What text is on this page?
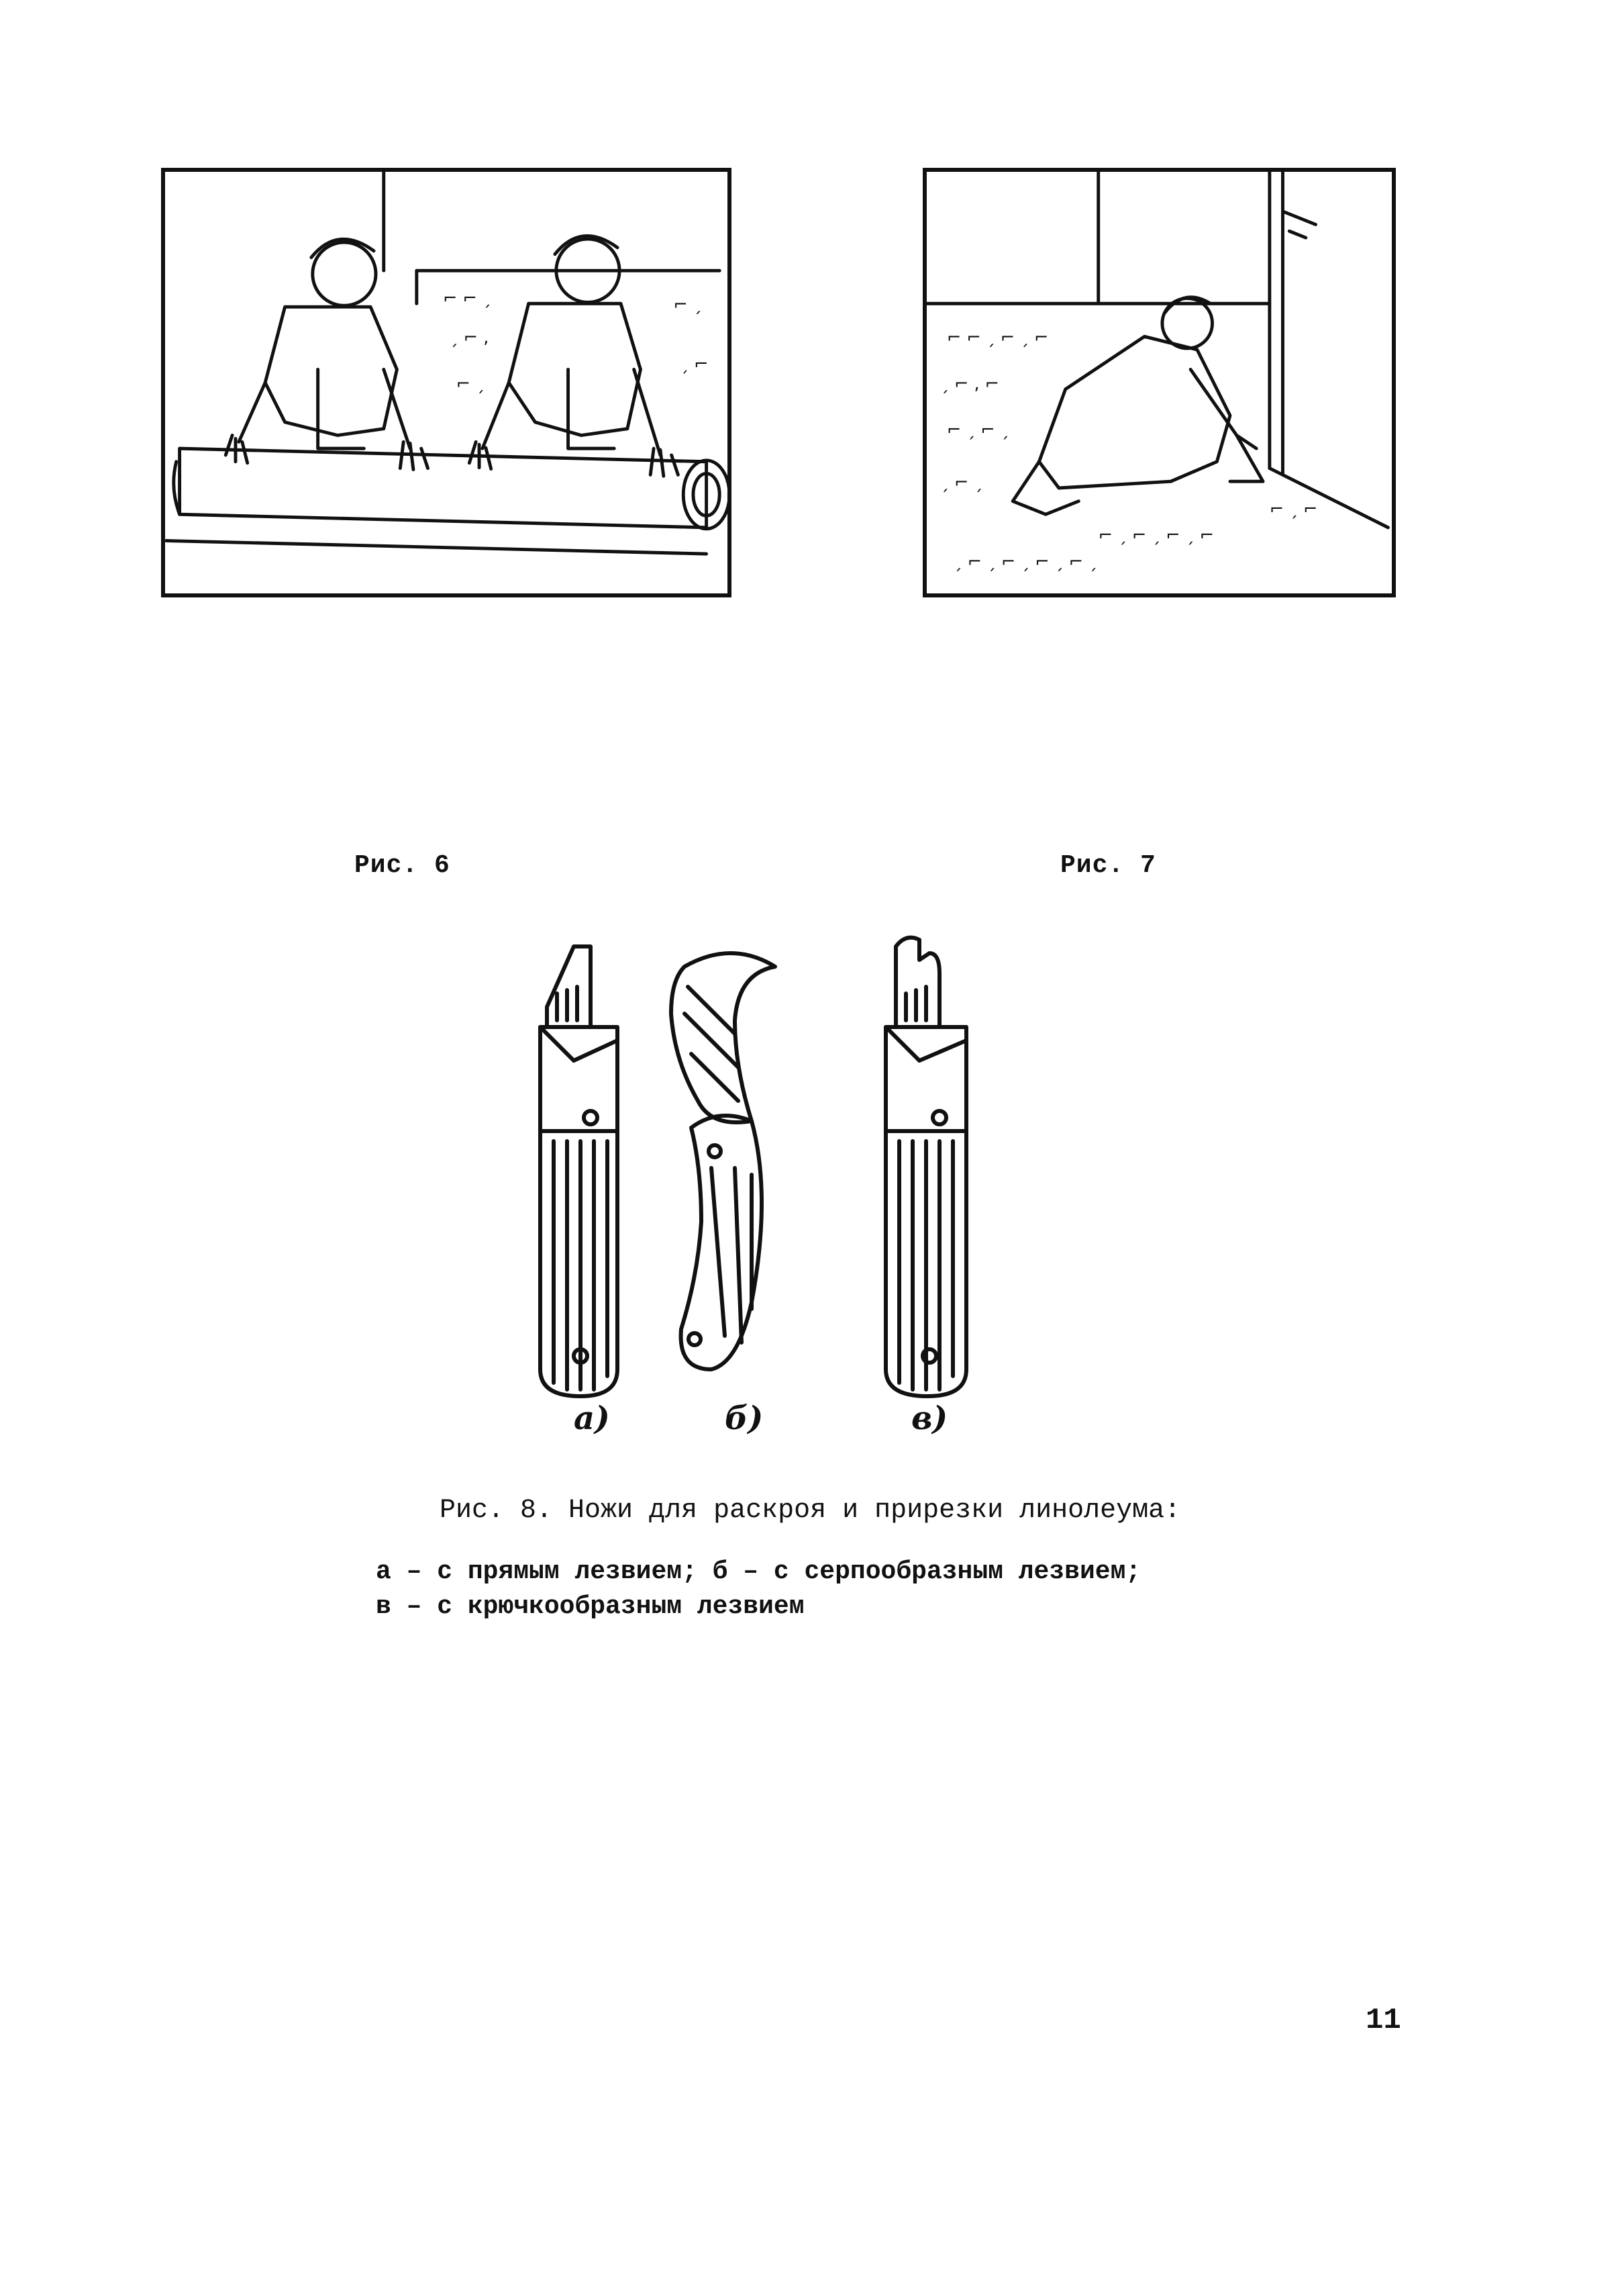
⌐ ⌐ ˏ
ˏ ⌐ ,
⌐ ˏ
ˏ ⌐
⌐ ˏ
⌐ ⌐ ˏ ⌐ ˏ ⌐
ˏ ⌐ , ⌐
⌐ ˏ ⌐ ˏ
ˏ ⌐ ˏ
⌐ ˏ ⌐ ˏ ⌐ ˏ ⌐
ˏ ⌐ ˏ ⌐ ˏ ⌐ ˏ ⌐ ˏ
⌐ ˏ ⌐
Рис. 6	Рис. 7
а)	б)	в)
Рис. 8. Ножи для раскроя и прирезки линолеума:
а – с прямым лезвием; б – с серпообразным лезвием;
в – с крючкообразным лезвием
11
